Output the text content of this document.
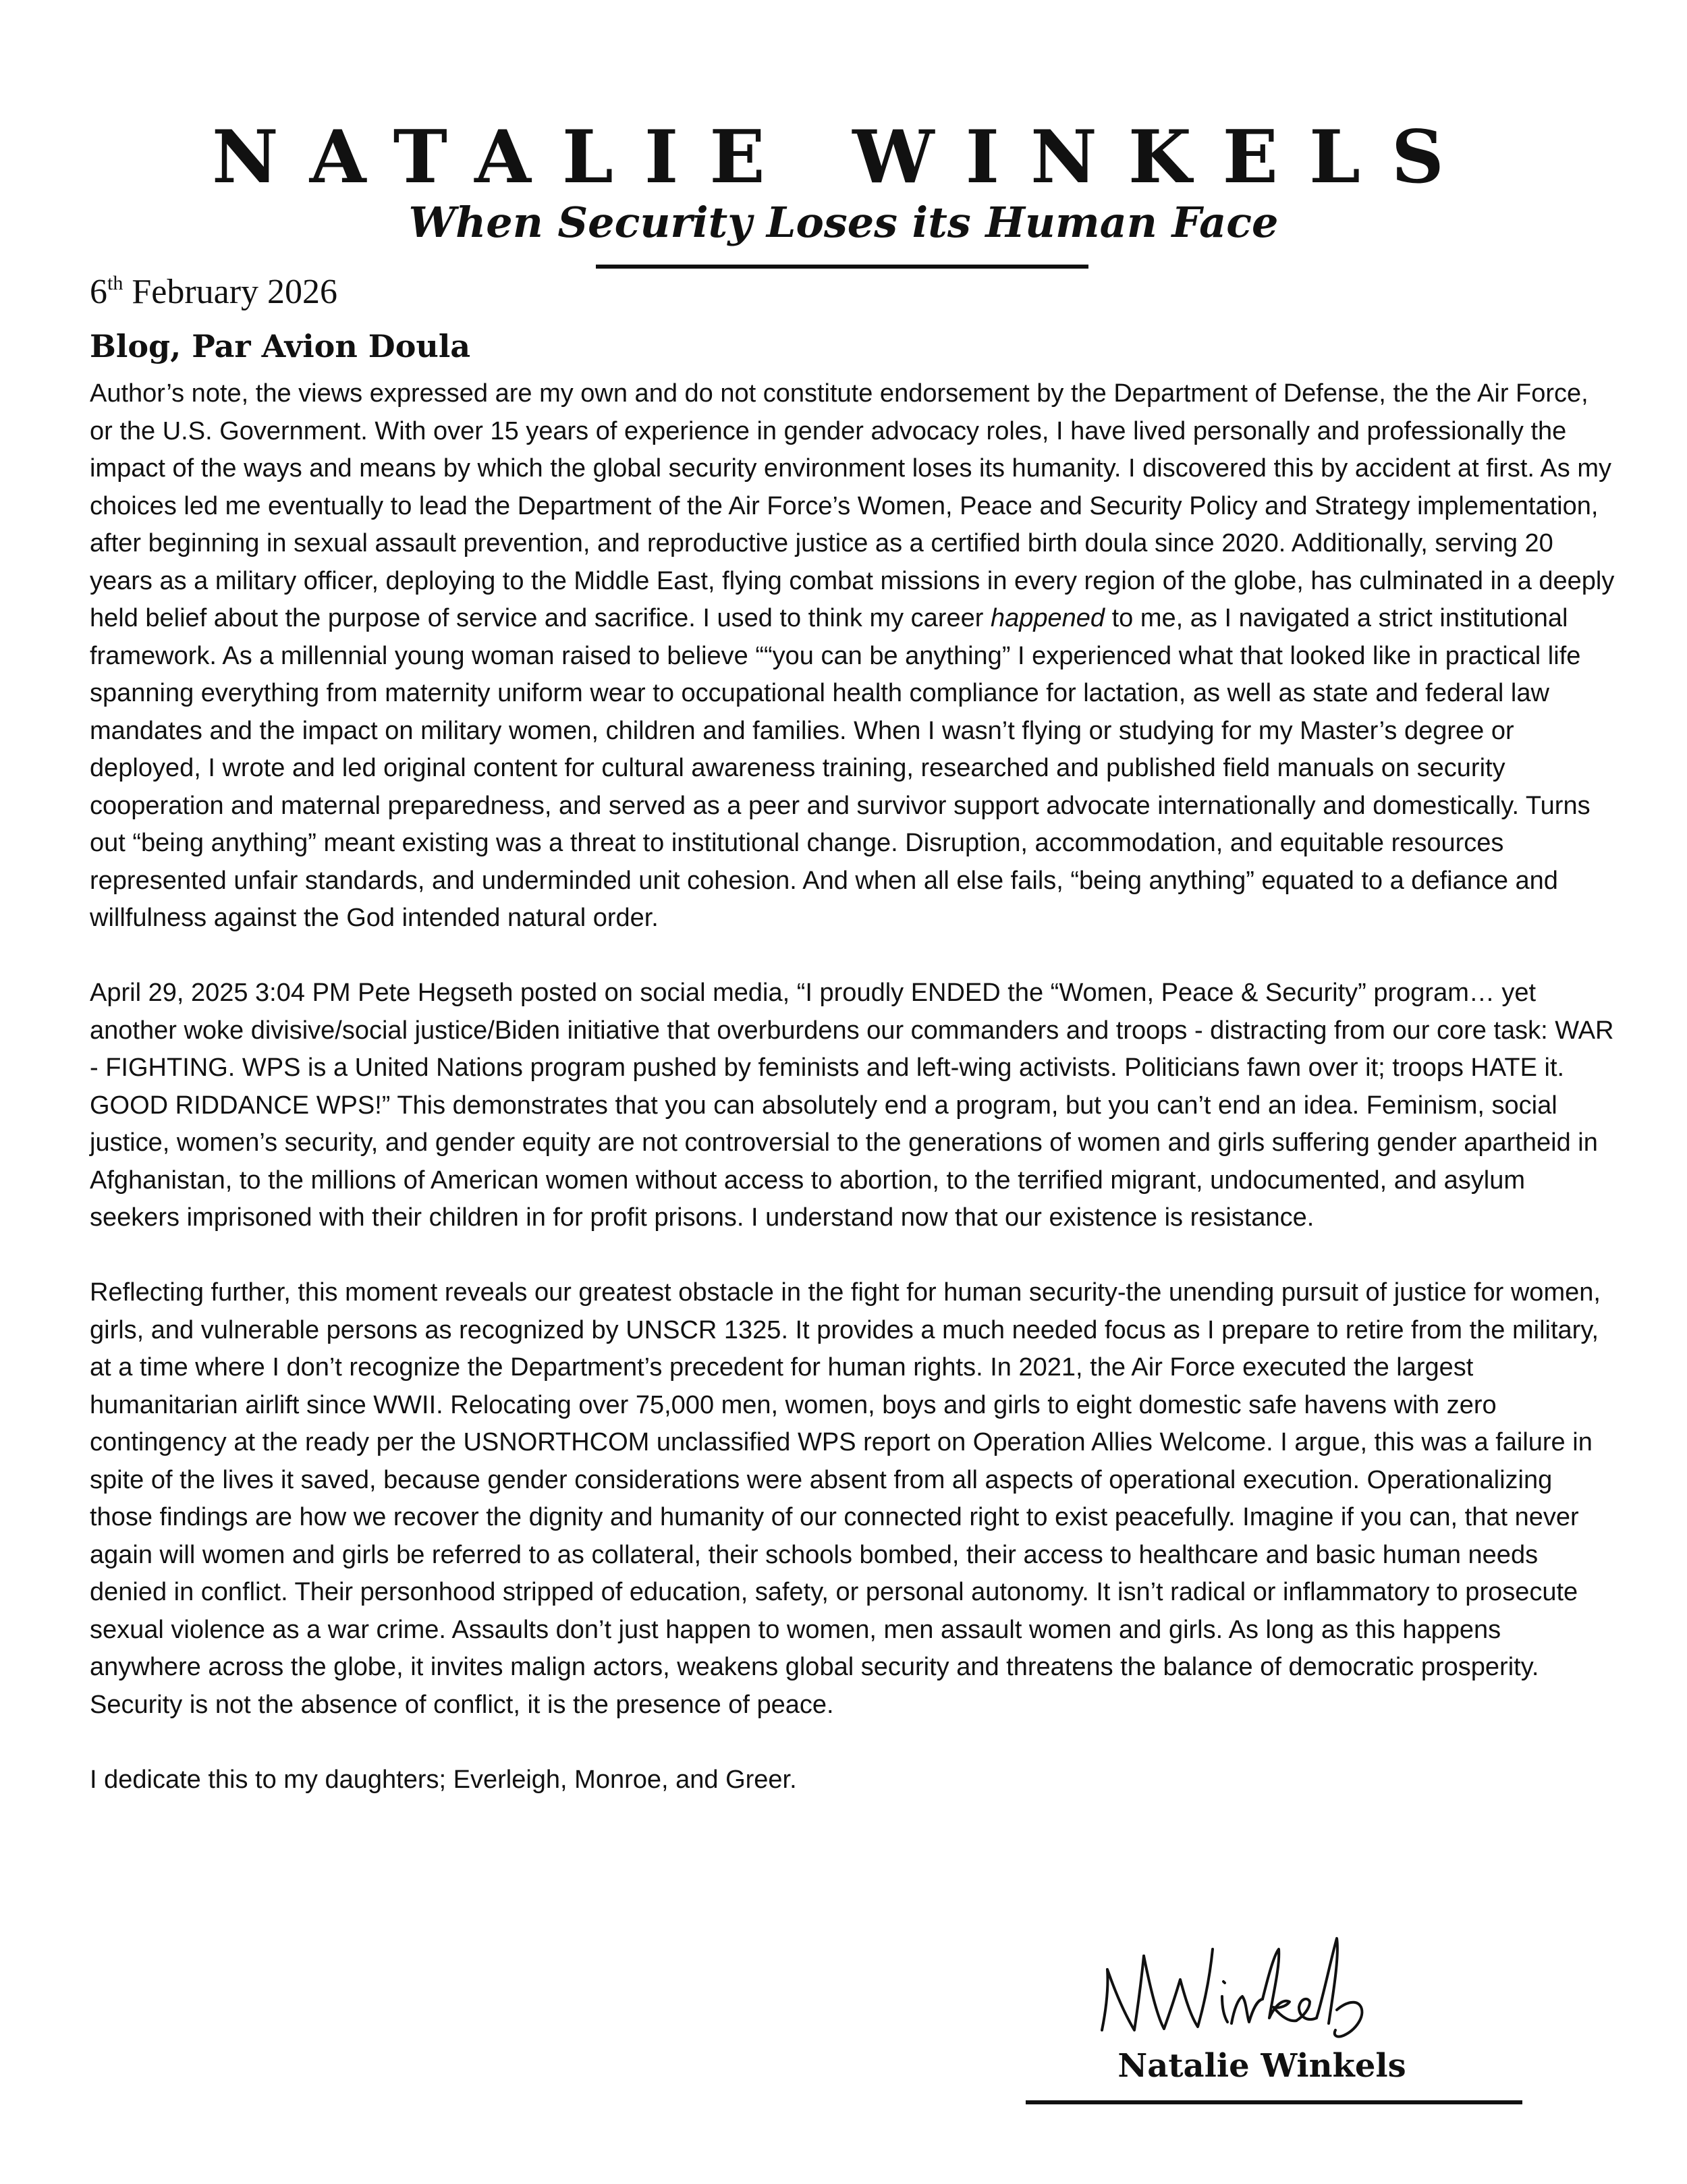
NATALIE WINKELS
When Security Loses its Human Face
6th February 2026
Blog, Par Avion Doula

Author’s note, the views expressed are my own and do not constitute endorsement by the Department of Defense, the the Air Force, or the U.S. Government. With over 15 years of experience in gender advocacy roles, I have lived personally and professionally the impact of the ways and means by which the global security environment loses its humanity. I discovered this by accident at first. As my choices led me eventually to lead the Department of the Air Force’s Women, Peace and Security Policy and Strategy implementation, after beginning in sexual assault prevention, and reproductive justice as a certified birth doula since 2020. Additionally, serving 20 years as a military officer, deploying to the Middle East, flying combat missions in every region of the globe, has culminated in a deeply held belief about the purpose of service and sacrifice. I used to think my career happened to me, as I navigated a strict institutional framework. As a millennial young woman raised to believe ““you can be anything” I experienced what that looked like in practical life spanning everything from maternity uniform wear to occupational health compliance for lactation, as well as state and federal law mandates and the impact on military women, children and families. When I wasn’t flying or studying for my Master’s degree or deployed, I wrote and led original content for cultural awareness training, researched and published field manuals on security cooperation and maternal preparedness, and served as a peer and survivor support advocate internationally and domestically. Turns out “being anything” meant existing was a threat to institutional change. Disruption, accommodation, and equitable resources represented unfair standards, and underminded unit cohesion. And when all else fails, “being anything” equated to a defiance and willfulness against the God intended natural order.

April 29, 2025 3:04 PM Pete Hegseth posted on social media, “I proudly ENDED the “Women, Peace & Security” program… yet another woke divisive/social justice/Biden initiative that overburdens our commanders and troops - distracting from our core task: WAR - FIGHTING. WPS is a United Nations program pushed by feminists and left-wing activists. Politicians fawn over it; troops HATE it. GOOD RIDDANCE WPS!” This demonstrates that you can absolutely end a program, but you can’t end an idea. Feminism, social justice, women’s security, and gender equity are not controversial to the generations of women and girls suffering gender apartheid in Afghanistan, to the millions of American women without access to abortion, to the terrified migrant, undocumented, and asylum seekers imprisoned with their children in for profit prisons. I understand now that our existence is resistance.

Reflecting further, this moment reveals our greatest obstacle in the fight for human security-the unending pursuit of justice for women, girls, and vulnerable persons as recognized by UNSCR 1325. It provides a much needed focus as I prepare to retire from the military, at a time where I don’t recognize the Department’s precedent for human rights. In 2021, the Air Force executed the largest humanitarian airlift since WWII. Relocating over 75,000 men, women, boys and girls to eight domestic safe havens with zero contingency at the ready per the USNORTHCOM unclassified WPS report on Operation Allies Welcome. I argue, this was a failure in spite of the lives it saved, because gender considerations were absent from all aspects of operational execution. Operationalizing those findings are how we recover the dignity and humanity of our connected right to exist peacefully. Imagine if you can, that never again will women and girls be referred to as collateral, their schools bombed, their access to healthcare and basic human needs denied in conflict. Their personhood stripped of education, safety, or personal autonomy. It isn’t radical or inflammatory to prosecute sexual violence as a war crime. Assaults don’t just happen to women, men assault women and girls. As long as this happens anywhere across the globe, it invites malign actors, weakens global security and threatens the balance of democratic prosperity. Security is not the absence of conflict, it is the presence of peace.

I dedicate this to my daughters; Everleigh, Monroe, and Greer.

Natalie Winkels
